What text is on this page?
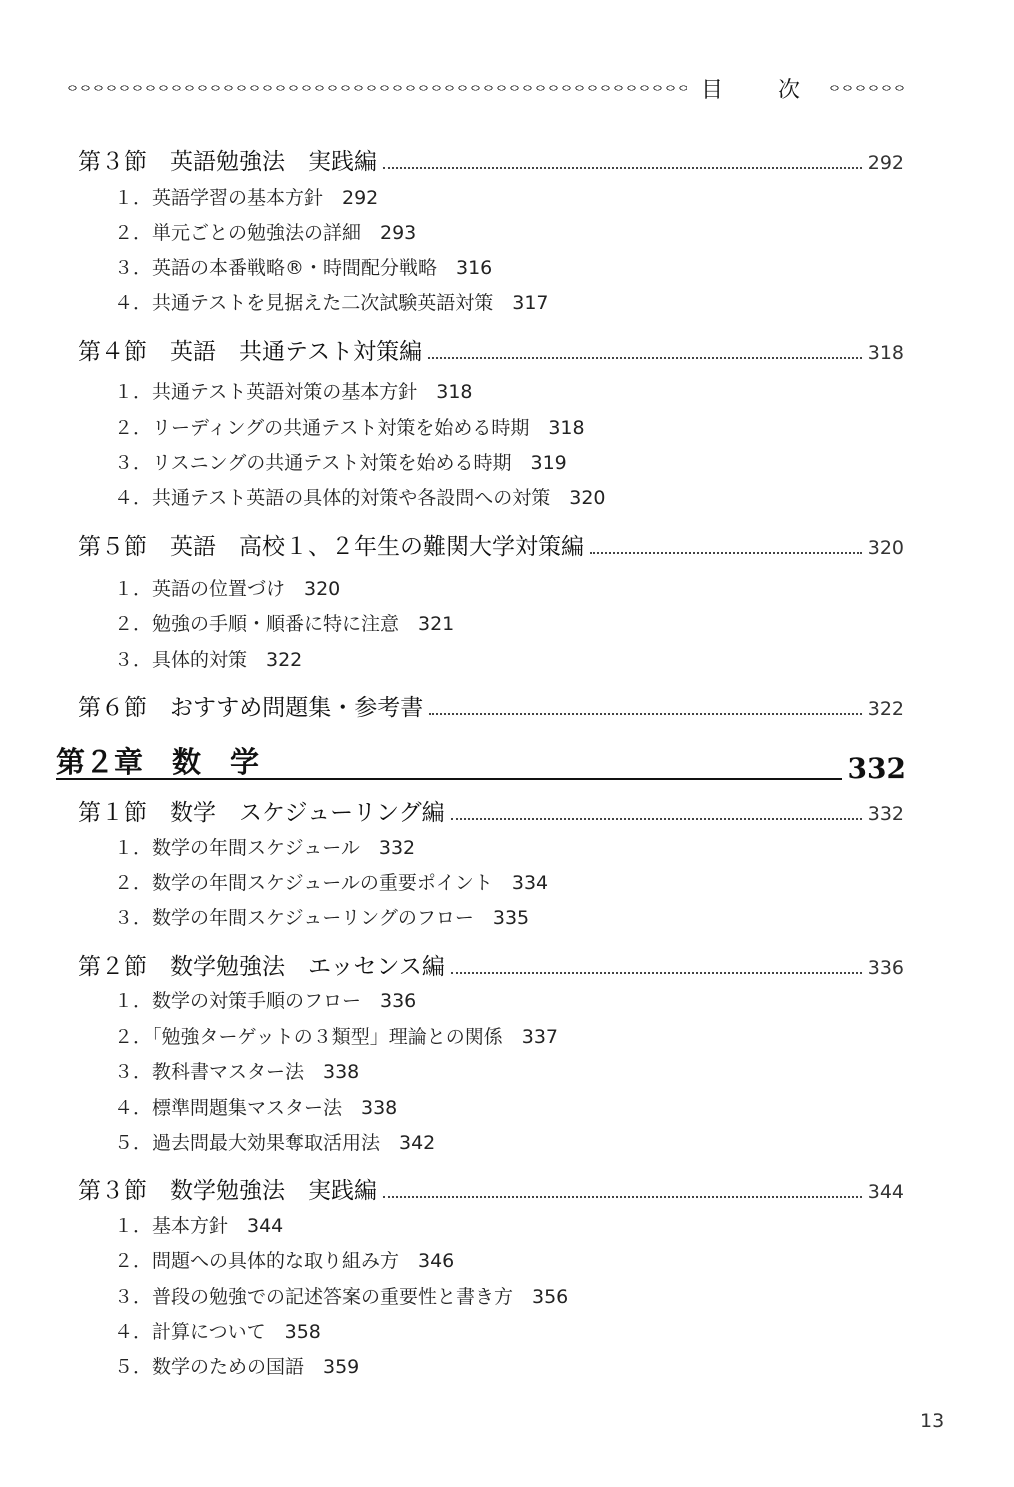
目 次
第３節　英語勉強法　実践編	292
１．英語学習の基本方針　292
２．単元ごとの勉強法の詳細　293
３．英語の本番戦略®・時間配分戦略　316
４．共通テストを見据えた二次試験英語対策　317
第４節　英語　共通テスト対策編	318
１．共通テスト英語対策の基本方針　318
２．リーディングの共通テスト対策を始める時期　318
３．リスニングの共通テスト対策を始める時期　319
４．共通テスト英語の具体的対策や各設問への対策　320
第５節　英語　高校１、２年生の難関大学対策編	320
１．英語の位置づけ　320
２．勉強の手順・順番に特に注意　321
３．具体的対策　322
第６節　おすすめ問題集・参考書	322
第２章　数　学	332
第１節　数学　スケジューリング編	332
１．数学の年間スケジュール　332
２．数学の年間スケジュールの重要ポイント　334
３．数学の年間スケジューリングのフロー　335
第２節　数学勉強法　エッセンス編	336
１．数学の対策手順のフロー　336
２．「勉強ターゲットの３類型」理論との関係　337
３．教科書マスター法　338
４．標準問題集マスター法　338
５．過去問最大効果奪取活用法　342
第３節　数学勉強法　実践編	344
１．基本方針　344
２．問題への具体的な取り組み方　346
３．普段の勉強での記述答案の重要性と書き方　356
４．計算について　358
５．数学のための国語　359
13
